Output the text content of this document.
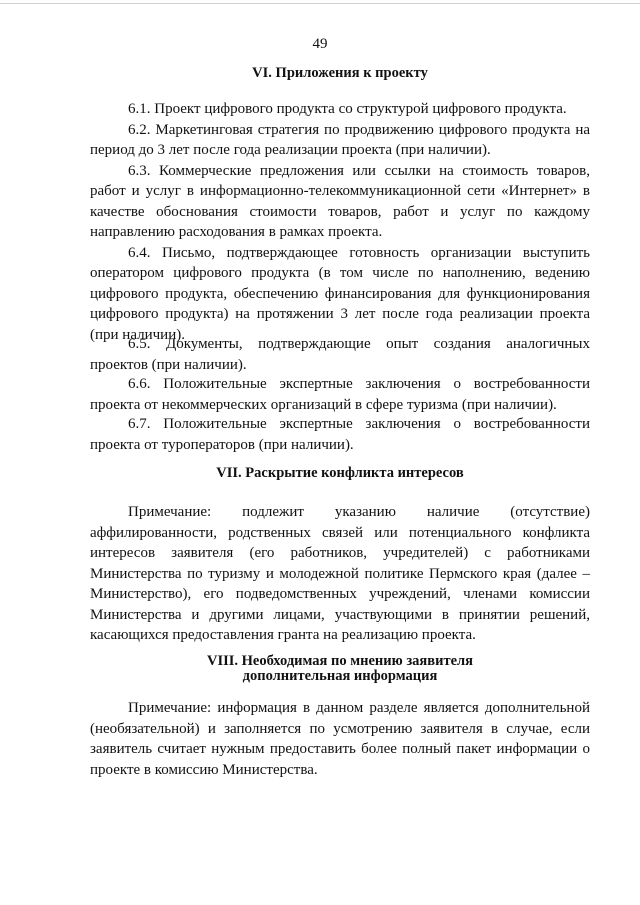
49
VI. Приложения к проекту

6.1. Проект цифрового продукта со структурой цифрового продукта.

6.2. Маркетинговая стратегия по продвижению цифрового продукта на период до 3 лет после года реализации проекта (при наличии).

6.3. Коммерческие предложения или ссылки на стоимость товаров, работ и услуг в информационно-телекоммуникационной сети «Интернет» в качестве обоснования стоимости товаров, работ и услуг по каждому направлению расходования в рамках проекта.

6.4. Письмо, подтверждающее готовность организации выступить оператором цифрового продукта (в том числе по наполнению, ведению цифрового продукта, обеспечению финансирования для функционирования цифрового продукта) на протяжении 3 лет после года реализации проекта (при наличии).

6.5. Документы, подтверждающие опыт создания аналогичных проектов (при наличии).

6.6. Положительные экспертные заключения о востребованности проекта от некоммерческих организаций в сфере туризма (при наличии).

6.7. Положительные экспертные заключения о востребованности проекта от туроператоров (при наличии).

VII. Раскрытие конфликта интересов

Примечание: подлежит указанию наличие (отсутствие) аффилированности, родственных связей или потенциального конфликта интересов заявителя (его работников, учредителей) с работниками Министерства по туризму и молодежной политике Пермского края (далее – Министерство), его подведомственных учреждений, членами комиссии Министерства и другими лицами, участвующими в принятии решений, касающихся предоставления гранта на реализацию проекта.

VIII. Необходимая по мнению заявителя
дополнительная информация

Примечание: информация в данном разделе является дополнительной (необязательной) и заполняется по усмотрению заявителя в случае, если заявитель считает нужным предоставить более полный пакет информации о проекте в комиссию Министерства.
